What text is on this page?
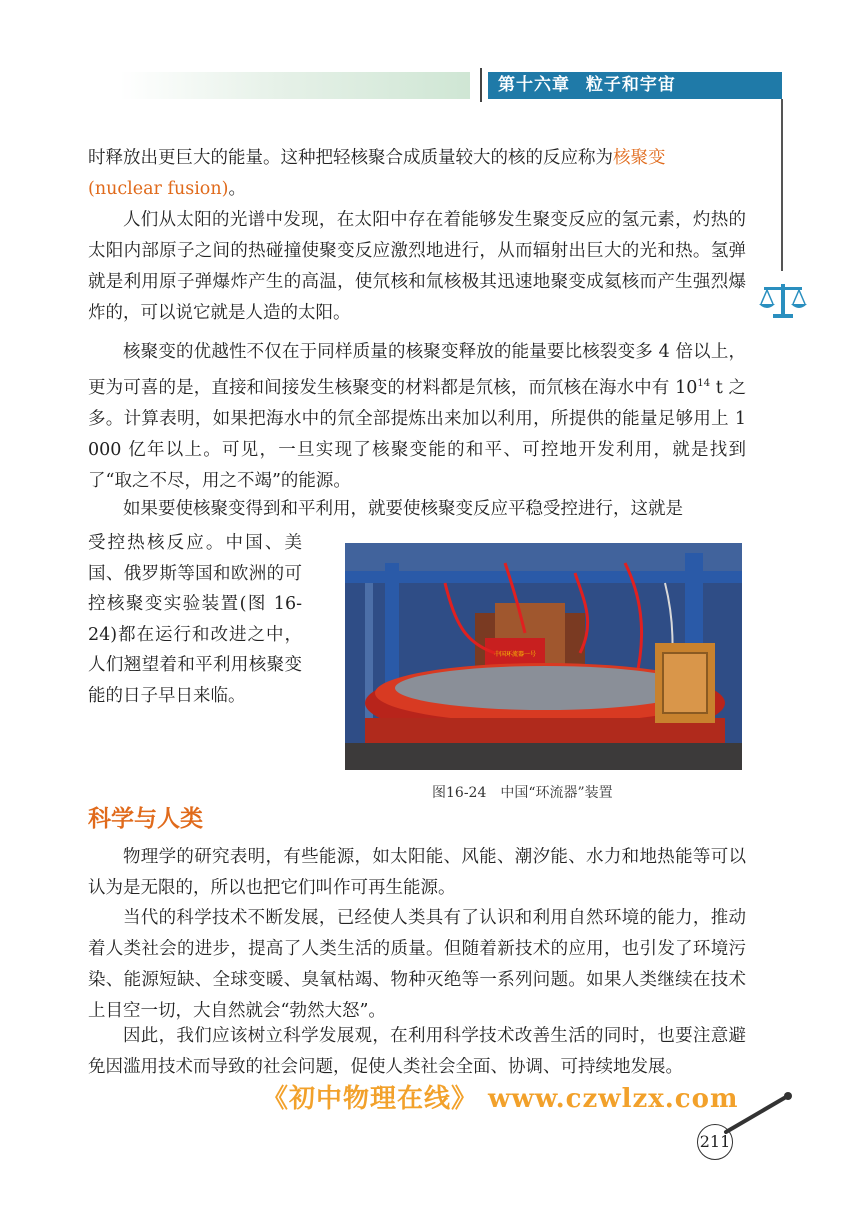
第十六章 粒子和宇宙

时释放出更巨大的能量。这种把轻核聚合成质量较大的核的反应称为核聚变
(nuclear fusion)。

人们从太阳的光谱中发现，在太阳中存在着能够发生聚变反应的氢元素，灼热的太阳内部原子之间的热碰撞使聚变反应激烈地进行，从而辐射出巨大的光和热。氢弹就是利用原子弹爆炸产生的高温，使氘核和氚核极其迅速地聚变成氦核而产生强烈爆炸的，可以说它就是人造的太阳。

核聚变的优越性不仅在于同样质量的核聚变释放的能量要比核裂变多 4 倍以上，更为可喜的是，直接和间接发生核聚变的材料都是氘核，而氘核在海水中有 $10^{14}$ t 之多。计算表明，如果把海水中的氘全部提炼出来加以利用，所提供的能量足够用上 1 000 亿年以上。可见，一旦实现了核聚变能的和平、可控地开发利用，就是找到了“取之不尽，用之不竭”的能源。

如果要使核聚变得到和平利用，就要使核聚变反应平稳受控进行，这就是

受控热核反应。中国、美国、俄罗斯等国和欧洲的可控核聚变实验装置(图 16-24)都在运行和改进之中，人们翘望着和平利用核聚变能的日子早日来临。

中国环流器一号
图16-24　中国“环流器”装置
科学与人类

物理学的研究表明，有些能源，如太阳能、风能、潮汐能、水力和地热能等可以认为是无限的，所以也把它们叫作可再生能源。

当代的科学技术不断发展，已经使人类具有了认识和利用自然环境的能力，推动着人类社会的进步，提高了人类生活的质量。但随着新技术的应用，也引发了环境污染、能源短缺、全球变暖、臭氧枯竭、物种灭绝等一系列问题。如果人类继续在技术上目空一切，大自然就会“勃然大怒”。

因此，我们应该树立科学发展观，在利用科学技术改善生活的同时，也要注意避免因滥用技术而导致的社会问题，促使人类社会全面、协调、可持续地发展。

《初中物理在线》 www.czwlzx.com
211
